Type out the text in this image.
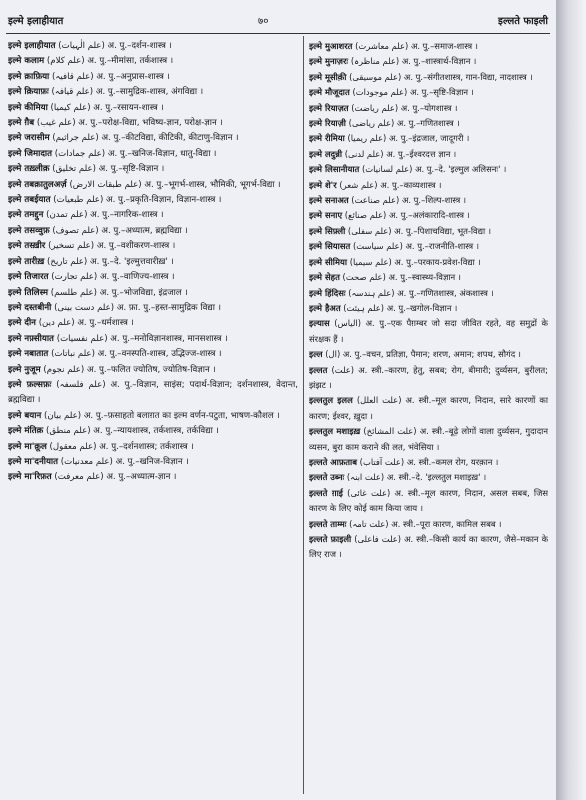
इल्मे इलाहीयात	७०	इल्लते फाइली
इल्मे इलाहीयात (علم الٰہیات) अ. पु.–दर्शन-शास्त्र ।
इल्मे कलाम (علم کلام) अ. पु.–मीमांसा, तर्कशास्त्र ।
इल्मे क़ाफ़िया (علم قافیہ) अ. पु.–अनुप्रास-शास्त्र ।
इल्मे क़ियाफ़ः (علم قیافہ) अ. पु.–सामुद्रिक-शास्त्र, अंगविद्या ।
इल्मे कीमिया (علم کیمیا) अ. पु.–रसायन-शास्त्र ।
इल्मे ग़ैब (علم غیب) अ. पु.–परोक्ष-विद्या, भविष्य-ज्ञान, परोक्ष-ज्ञान ।
इल्मे जरासीम (علم جراثیم) अ. पु.–कीटविद्या, कीटिकी, कीटाणु-विज्ञान ।
इल्मे जिमादात (علم جمادات) अ. पु.–खनिज-विज्ञान, धातु-विद्या ।
इल्मे तख़्लीक़ (علم تخلیق) अ. पु.–सृष्टि-विज्ञान ।
इल्मे तबक़ातुलअर्ज़ (علم طبقات الارض) अ. पु.–भूगर्भ-शास्त्र, भौमिकी, भूगर्भ-विद्या ।
इल्मे तबईयात (علم طبعیات) अ. पु.–प्रकृति-विज्ञान, विज्ञान-शास्त्र ।
इल्मे तमद्दुन (علم تمدن) अ. पु.–नागरिक-शास्त्र ।
इल्मे तसव्वुफ़ (علم تصوف) अ. पु.–अध्यात्म, ब्रह्मविद्या ।
इल्मे तस्ख़ीर (علم تسخیر) अ. पु.–वशीकरण-शास्त्र ।
इल्मे तारीख़ (علم تاریخ) अ. पु.–दे. 'इल्मुत्तवारीख़' ।
इल्मे तिजारत (علم تجارت) अ. पु.–वाणिज्य-शास्त्र ।
इल्मे तिलिस्म (علم طلسم) अ. पु.–भोजविद्या, इंद्रजाल ।
इल्मे दस्तबीनी (علم دست بینی) अ. फ़ा. पु.–हस्त-सामुद्रिक विद्या ।
इल्मे दीन (علم دین) अ. पु.–धर्मशास्त्र ।
इल्मे नफ़्सीयात (علم نفسیات) अ. पु.–मनोविज्ञानशास्त्र, मानसशास्त्र ।
इल्मे नबातात (علم نباتات) अ. पु.–वनस्पति-शास्त्र, उद्भिज्ज-शास्त्र ।
इल्मे नुजूम (علم نجوم) अ. पु.–फलित ज्योतिष, ज्योतिष-विज्ञान ।
इल्मे फ़ल्सफ़ः (علم فلسفہ) अ. पु.–विज्ञान, साइंस; पदार्थ-विज्ञान; दर्शनशास्त्र, वेदान्त, ब्रह्मविद्या ।
इल्मे बयान (علم بیان) अ. पु.–फ़साहतो बलाग़त का इल्म वर्णन-पटुता, भाषण-कौशल ।
इल्मे मंतिक़ (علم منطق) अ. पु.–न्यायशास्त्र, तर्कशास्त्र, तर्कविद्या ।
इल्मे मा'क़ूल (علم معقول) अ. पु.–दर्शनशास्त्र; तर्कशास्त्र ।
इल्मे मा'दनीयात (علم معدنیات) अ. पु.–खनिज-विज्ञान ।
इल्मे मा'रिफ़त (علم معرفت) अ. पु.–अध्यात्म-ज्ञान ।
इल्मे मुआशरत (علم معاشرت) अ. पु.–समाज-शास्त्र ।
इल्मे मुनाज़रः (علم مناظرہ) अ. पु.–शास्त्रार्थ-विज्ञान ।
इल्मे मूसीक़ी (علم موسیقی) अ. पु.–संगीतशास्त्र, गान-विद्या, नादशास्त्र ।
इल्मे मौजूदात (علم موجودات) अ. पु.–सृष्टि-विज्ञान ।
इल्मे रियाज़त (علم ریاضت) अ. पु.–योगशास्त्र ।
इल्मे रियाज़ी (علم ریاضی) अ. पु.–गणितशास्त्र ।
इल्मे रीमिया (علم ریمیا) अ. पु.–इंद्रजाल, जादूगरी ।
इल्मे लदुन्नी (علم لدنی) अ. पु.–ईश्वरदत्त ज्ञान ।
इल्मे लिसानीयात (علم لسانیات) अ. पु.–दे. 'इल्मुल अलिसनः' ।
इल्मे शे'र (علم شعر) अ. पु.–काव्यशास्त्र ।
इल्मे सनाअत (علم صناعت) अ. पु.–शिल्प-शास्त्र ।
इल्मे सनाए (علم صنائع) अ. पु.–अलंकारादि-शास्त्र ।
इल्मे सिफ़्ली (علم سفلی) अ. पु.–पिशाचविद्या, भूत-विद्या ।
इल्मे सियासत (علم سیاست) अ. पु.–राजनीति-शास्त्र ।
इल्मे सीमिया (علم سیمیا) अ. पु.–परकाय-प्रवेश-विद्या ।
इल्मे सेहत (علم صحت) अ. पु.–स्वास्थ्य-विज्ञान ।
इल्मे हिंदिसः (علم ہندسہ) अ. पु.–गणितशास्त्र, अंकशास्त्र ।
इल्मे हैअत (علم ہیئت) अ. पु.–खगोल-विज्ञान ।
इल्यास (الیاس) अ. पु.–एक पैग़म्बर जो सदा जीवित रहते, वह समुद्रों के संरक्षक हैं ।
इल्ल (ال) अ. पु.–वचन, प्रतिज्ञा, पैमान; शरण, अमान; शपथ, सौगंद ।
इल्लत (علت) अ. स्त्री.–कारण, हेतु, सबब; रोग, बीमारी; दुर्व्यसन, बुरीलत; झंझट ।
इल्लतुल इलल (علت العلل) अ. स्त्री.–मूल कारण, निदान, सारे कारणों का कारण; ईश्वर, ख़ुदा ।
इल्लतुल मशाइख़ (علت المشائخ) अ. स्त्री.–बूढ़े लोगों वाला दुर्व्यसन, गुदादान व्यसन, बुरा काम कराने की लत, भंवेसिया ।
इल्लते आफ़ताब (علت آفتاب) अ. स्त्री.–कमल रोग, यरक़ान ।
इल्लते उब्नः (علت ابنہ) अ. स्त्री.–दे. 'इल्लतुल मशाइख़' ।
इल्लते ग़ाई (علت غائی) अ. स्त्री.–मूल कारण, निदान, असल सबब, जिस कारण के लिए कोई काम किया जाय ।
इल्लते ताम्मः (علت تامہ) अ. स्त्री.–पूरा कारण, कामिल सबब ।
इल्लते फ़ाइली (علت فاعلی) अ. स्त्री.–किसी कार्य का कारण, जैसे–मकान के लिए राज ।
